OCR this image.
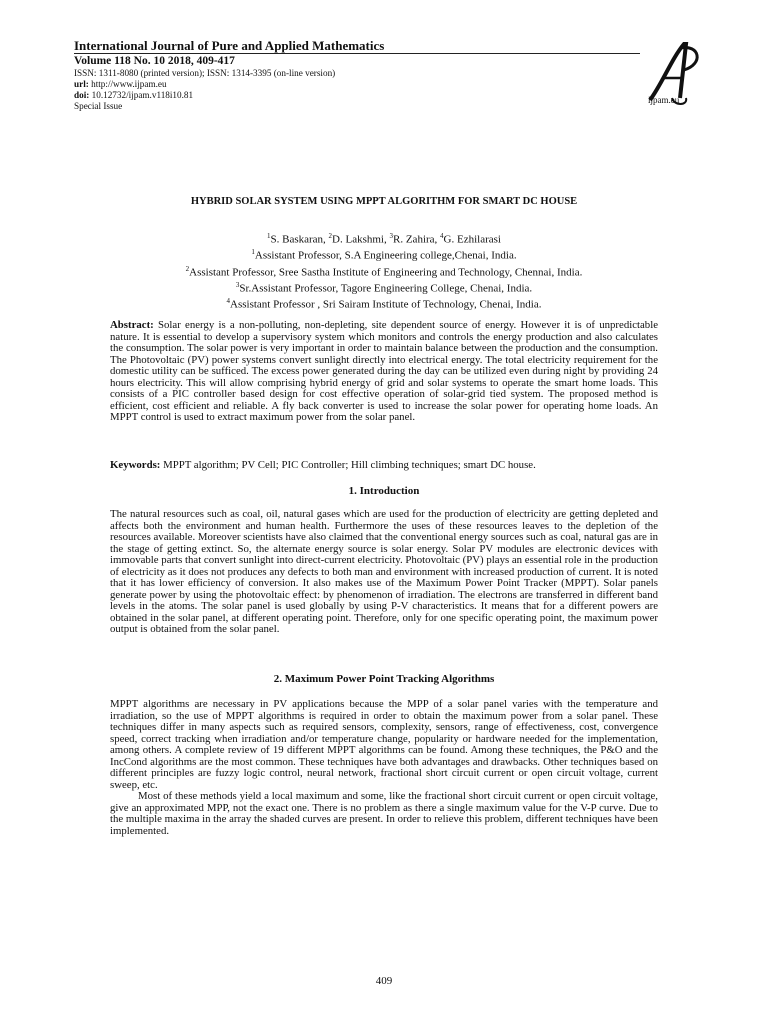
International Journal of Pure and Applied Mathematics
Volume 118 No. 10 2018, 409-417
ISSN: 1311-8080 (printed version); ISSN: 1314-3395 (on-line version)
url: http://www.ijpam.eu
doi: 10.12732/ijpam.v118i10.81
Special Issue
ijpam.eu
HYBRID SOLAR SYSTEM USING MPPT ALGORITHM FOR SMART DC HOUSE
$^1$S. Baskaran, $^2$D. Lakshmi, $^3$R. Zahira, $^4$G. Ezhilarasi
$^1$Assistant Professor, S.A Engineering college,Chenai, India.
$^2$Assistant Professor, Sree Sastha Institute of Engineering and Technology, Chennai, India.
$^3$Sr.Assistant Professor, Tagore Engineering College, Chenai, India.
$^4$Assistant Professor , Sri Sairam Institute of Technology, Chenai, India.
Abstract: Solar energy is a non-polluting, non-depleting, site dependent source of energy. However it is of unpredictable nature. It is essential to develop a supervisory system which monitors and controls the energy production and also calculates the consumption. The solar power is very important in order to maintain balance between the production and the consumption. The Photovoltaic (PV) power systems convert sunlight directly into electrical energy. The total electricity requirement for the domestic utility can be sufficed. The excess power generated during the day can be utilized even during night by providing 24 hours electricity. This will allow comprising hybrid energy of grid and solar systems to operate the smart home loads. This consists of a PIC controller based design for cost effective operation of solar-grid tied system. The proposed method is efficient, cost efficient and reliable. A fly back converter is used to increase the solar power for operating home loads. An MPPT control is used to extract maximum power from the solar panel.
Keywords: MPPT algorithm; PV Cell; PIC Controller; Hill climbing techniques; smart DC house.
1. Introduction
The natural resources such as coal, oil, natural gases which are used for the production of electricity are getting depleted and affects both the environment and human health. Furthermore the uses of these resources leaves to the depletion of the resources available. Moreover scientists have also claimed that the conventional energy sources such as coal, natural gas are in the stage of getting extinct. So, the alternate energy source is solar energy. Solar PV modules are electronic devices with immovable parts that convert sunlight into direct-current electricity. Photovoltaic (PV) plays an essential role in the production of electricity as it does not produces any defects to both man and environment with increased production of current. It is noted that it has lower efficiency of conversion. It also makes use of the Maximum Power Point Tracker (MPPT). Solar panels generate power by using the photovoltaic effect: by phenomenon of irradiation. The electrons are transferred in different band levels in the atoms. The solar panel is used globally by using P-V characteristics. It means that for a different powers are obtained in the solar panel, at different operating point. Therefore, only for one specific operating point, the maximum power output is obtained from the solar panel.
2. Maximum Power Point Tracking Algorithms
MPPT algorithms are necessary in PV applications because the MPP of a solar panel varies with the temperature and irradiation, so the use of MPPT algorithms is required in order to obtain the maximum power from a solar panel. These techniques differ in many aspects such as required sensors, complexity, sensors, range of effectiveness, cost, convergence speed, correct tracking when irradiation and/or temperature change, popularity or hardware needed for the implementation, among others. A complete review of 19 different MPPT algorithms can be found. Among these techniques, the P&O and the IncCond algorithms are the most common. These techniques have both advantages and drawbacks. Other techniques based on different principles are fuzzy logic control, neural network, fractional short circuit current or open circuit voltage, current sweep, etc.
Most of these methods yield a local maximum and some, like the fractional short circuit current or open circuit voltage, give an approximated MPP, not the exact one. There is no problem as there a single maximum value for the V-P curve. Due to the multiple maxima in the array the shaded curves are present. In order to relieve this problem, different techniques have been implemented.
409
